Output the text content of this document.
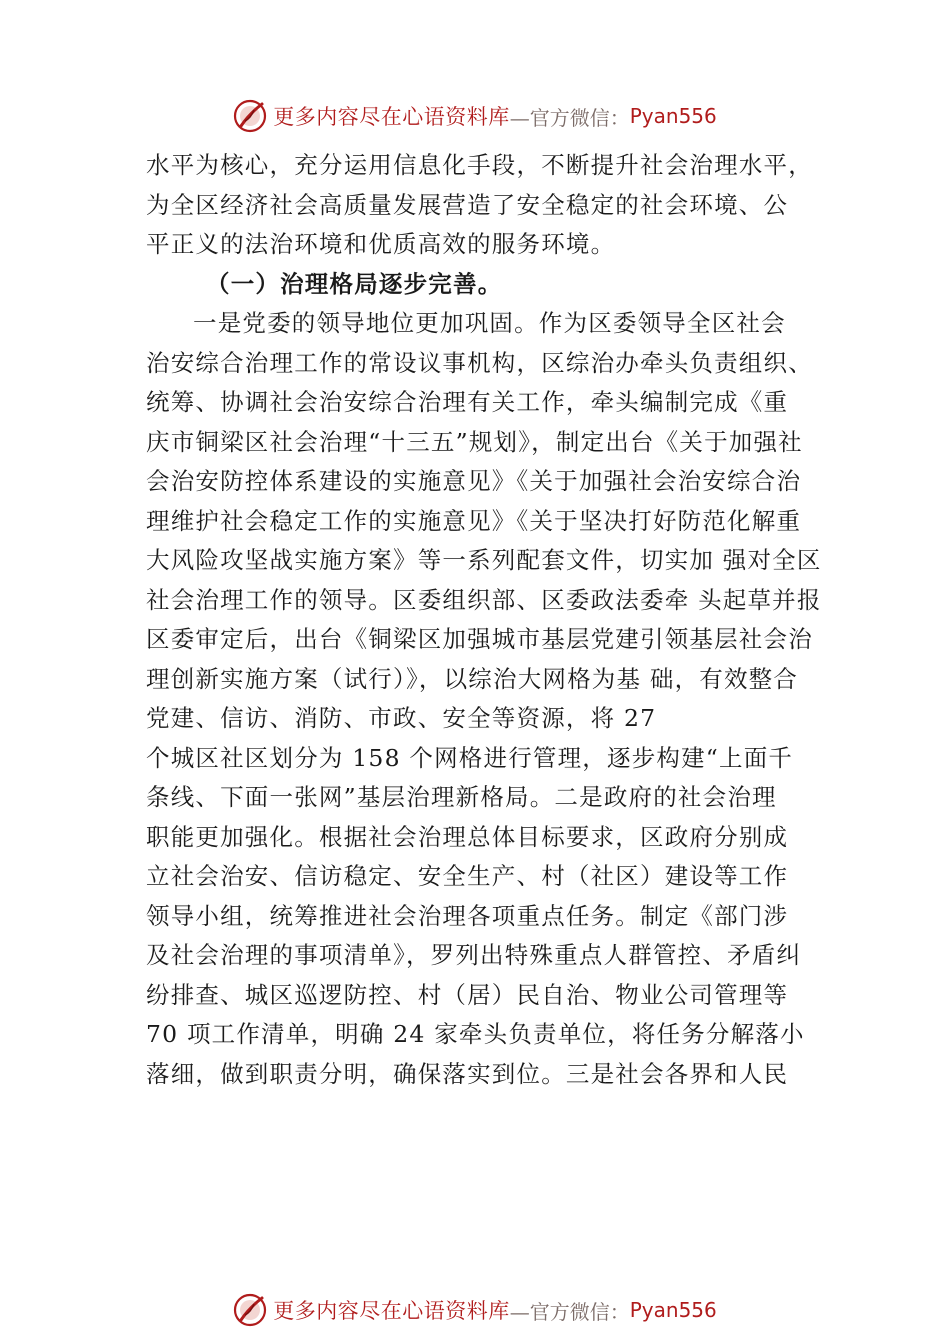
更多内容尽在心语资料库 —官方微信： Pyan556
水平为核心，充分运用信息化手段，不断提升社会治理水平，
为全区经济社会高质量发展营造了安全稳定的社会环境、公
平正义的法治环境和优质高效的服务环境。
（一）治理格局逐步完善。
一是党委的领导地位更加巩固。作为区委领导全区社会
治安综合治理工作的常设议事机构，区综治办牵头负责组织、
统筹、协调社会治安综合治理有关工作，牵头编制完成《重
庆市铜梁区社会治理“十三五”规划》，制定出台《关于加强社
会治安防控体系建设的实施意见》《关于加强社会治安综合治
理维护社会稳定工作的实施意见》《关于坚决打好防范化解重
大风险攻坚战实施方案》等一系列配套文件，切实加 强对全区
社会治理工作的领导。区委组织部、区委政法委牵 头起草并报
区委审定后，出台《铜梁区加强城市基层党建引领基层社会治
理创新实施方案（试行）》，以综治大网格为基 础，有效整合
党建、信访、消防、市政、安全等资源，将 27
个城区社区划分为 158 个网格进行管理，逐步构建“上面千
条线、下面一张网”基层治理新格局。二是政府的社会治理
职能更加强化。根据社会治理总体目标要求，区政府分别成
立社会治安、信访稳定、安全生产、村（社区）建设等工作
领导小组，统筹推进社会治理各项重点任务。制定《部门涉
及社会治理的事项清单》，罗列出特殊重点人群管控、矛盾纠
纷排查、城区巡逻防控、村（居）民自治、物业公司管理等
70 项工作清单，明确 24 家牵头负责单位，将任务分解落小
落细，做到职责分明，确保落实到位。三是社会各界和人民
更多内容尽在心语资料库 —官方微信： Pyan556
